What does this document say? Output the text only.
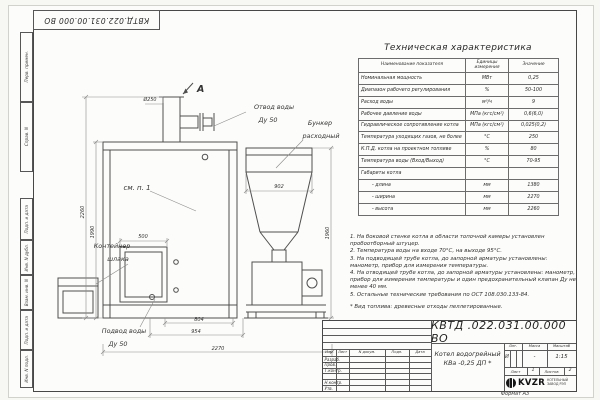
Перв. примен.
Справ. N
Подп. и дата
Инв. N дубл.
Взам. инв. N
Подп. и дата
Инв. N подл.
КВТД.022.031.00.000 ВО
Техническая характеристика
Наименование показателя	Единицы измерения	Значение
Номинальная мощность	МВт	0,25
Диапазон рабочего регулирования	%	50-100
Расход воды	м³/ч	9
Рабочее давление воды	МПа (кгс/см²)	0,6(6,0)
Гидравлическое сопротивление котла	МПа (кгс/см²)	0,025(0,2)
Температура уходящих газов, не более	°С	250
К.П.Д. котла на проектном топливе	%	80
Температура воды (Вход/Выход)	°С	70-95
Габариты котла		
- длина	мм	1380
- ширина	мм	2270
- высота	мм	2260

1. На боковой стенке котла в области топочной камеры установлен пробоотборный штуцер.

2. Температура воды на входе 70°С, на выходе 95°С.

3. На подводящей трубе котла, до запорной арматуры установлены: манометр, прибор для измерения температуры.

4. На отводящей трубе котла, до запорной арматуры установлены: манометр, прибор для измерения температуры и один предохранительный клапан Ду не менее 40 мм.

5. Остальные технические требования по ОСТ 108.030.133-84.

* Вид топлива: древесные отходы пеллетированные.

Ø250
500
902
2260
1990	1960
804
954
2270
А
см. п. 1
Отвод воды
Ду 50	Бункер
расходный
Контейнер
шлака
Подвод воды
Ду 50
Изм.	Лист	N докум.	Подп.	Дата
Разраб.
Пров.
Т.контр.
Н.контр.
Утв.
КВТД .022.031.00.000 ВО
Котел водогрейный
КВа -0,25 ДП *
Лит.	Масса	Масштаб
И	-	1:15
Лист	1	Листов	2
KVZR КОТЕЛЬНЫЙ
ЗАВОД РЭП
Формат А3
